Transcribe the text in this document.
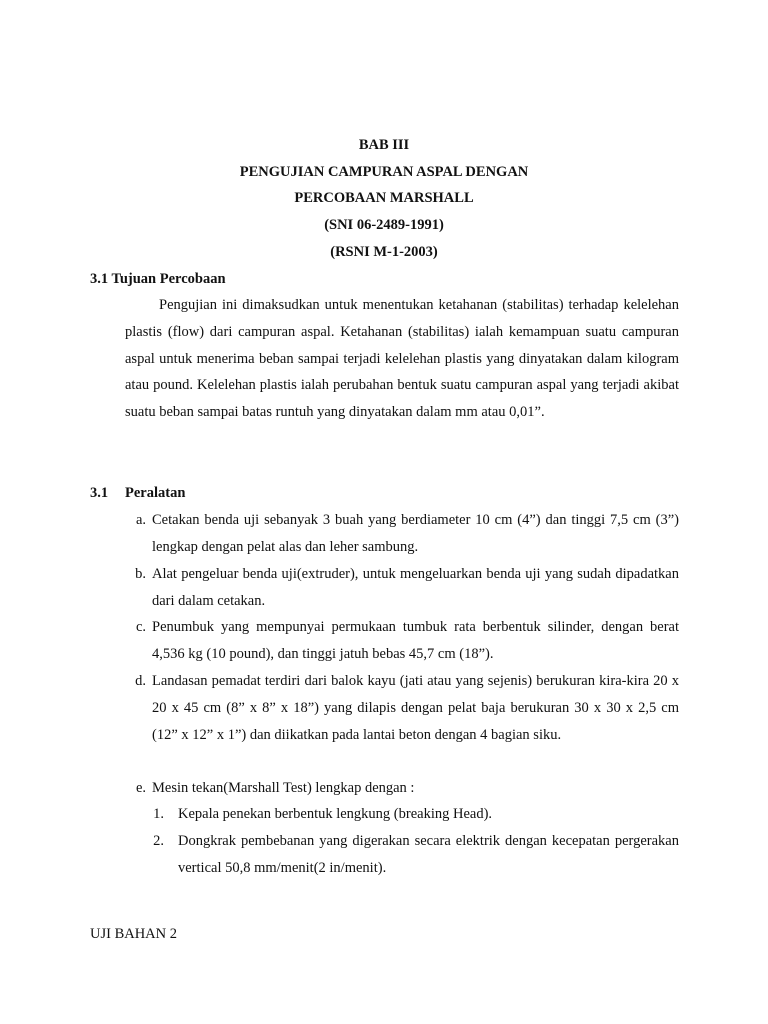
BAB III
PENGUJIAN CAMPURAN ASPAL DENGAN
PERCOBAAN MARSHALL
(SNI 06-2489-1991)
(RSNI M-1-2003)
3.1 Tujuan Percobaan

Pengujian ini dimaksudkan untuk menentukan ketahanan (stabilitas) terhadap kelelehan plastis (flow) dari campuran aspal. Ketahanan (stabilitas) ialah kemampuan suatu campuran aspal untuk menerima beban sampai terjadi kelelehan plastis yang dinyatakan dalam kilogram atau pound. Kelelehan plastis ialah perubahan bentuk suatu campuran aspal yang terjadi akibat suatu beban sampai batas runtuh yang dinyatakan dalam mm atau 0,01”.

3.1 Peralatan
a. Cetakan benda uji sebanyak 3 buah yang berdiameter 10 cm (4”) dan tinggi 7,5 cm (3”) lengkap dengan pelat alas dan leher sambung.
b. Alat pengeluar benda uji(extruder), untuk mengeluarkan benda uji yang sudah dipadatkan dari dalam cetakan.
c. Penumbuk yang mempunyai permukaan tumbuk rata berbentuk silinder, dengan berat 4,536 kg (10 pound), dan tinggi jatuh bebas 45,7 cm (18”).
d. Landasan pemadat terdiri dari balok kayu (jati atau yang sejenis) berukuran kira-kira 20 x 20 x 45 cm (8” x 8” x 18”) yang dilapis dengan pelat baja berukuran 30 x 30 x 2,5 cm (12” x 12” x 1”) dan diikatkan pada lantai beton dengan 4 bagian siku.
e. Mesin tekan(Marshall Test) lengkap dengan :
1. Kepala penekan berbentuk lengkung (breaking Head).
2. Dongkrak pembebanan yang digerakan secara elektrik dengan kecepatan pergerakan vertical 50,8 mm/menit(2 in/menit).
UJI BAHAN 2
